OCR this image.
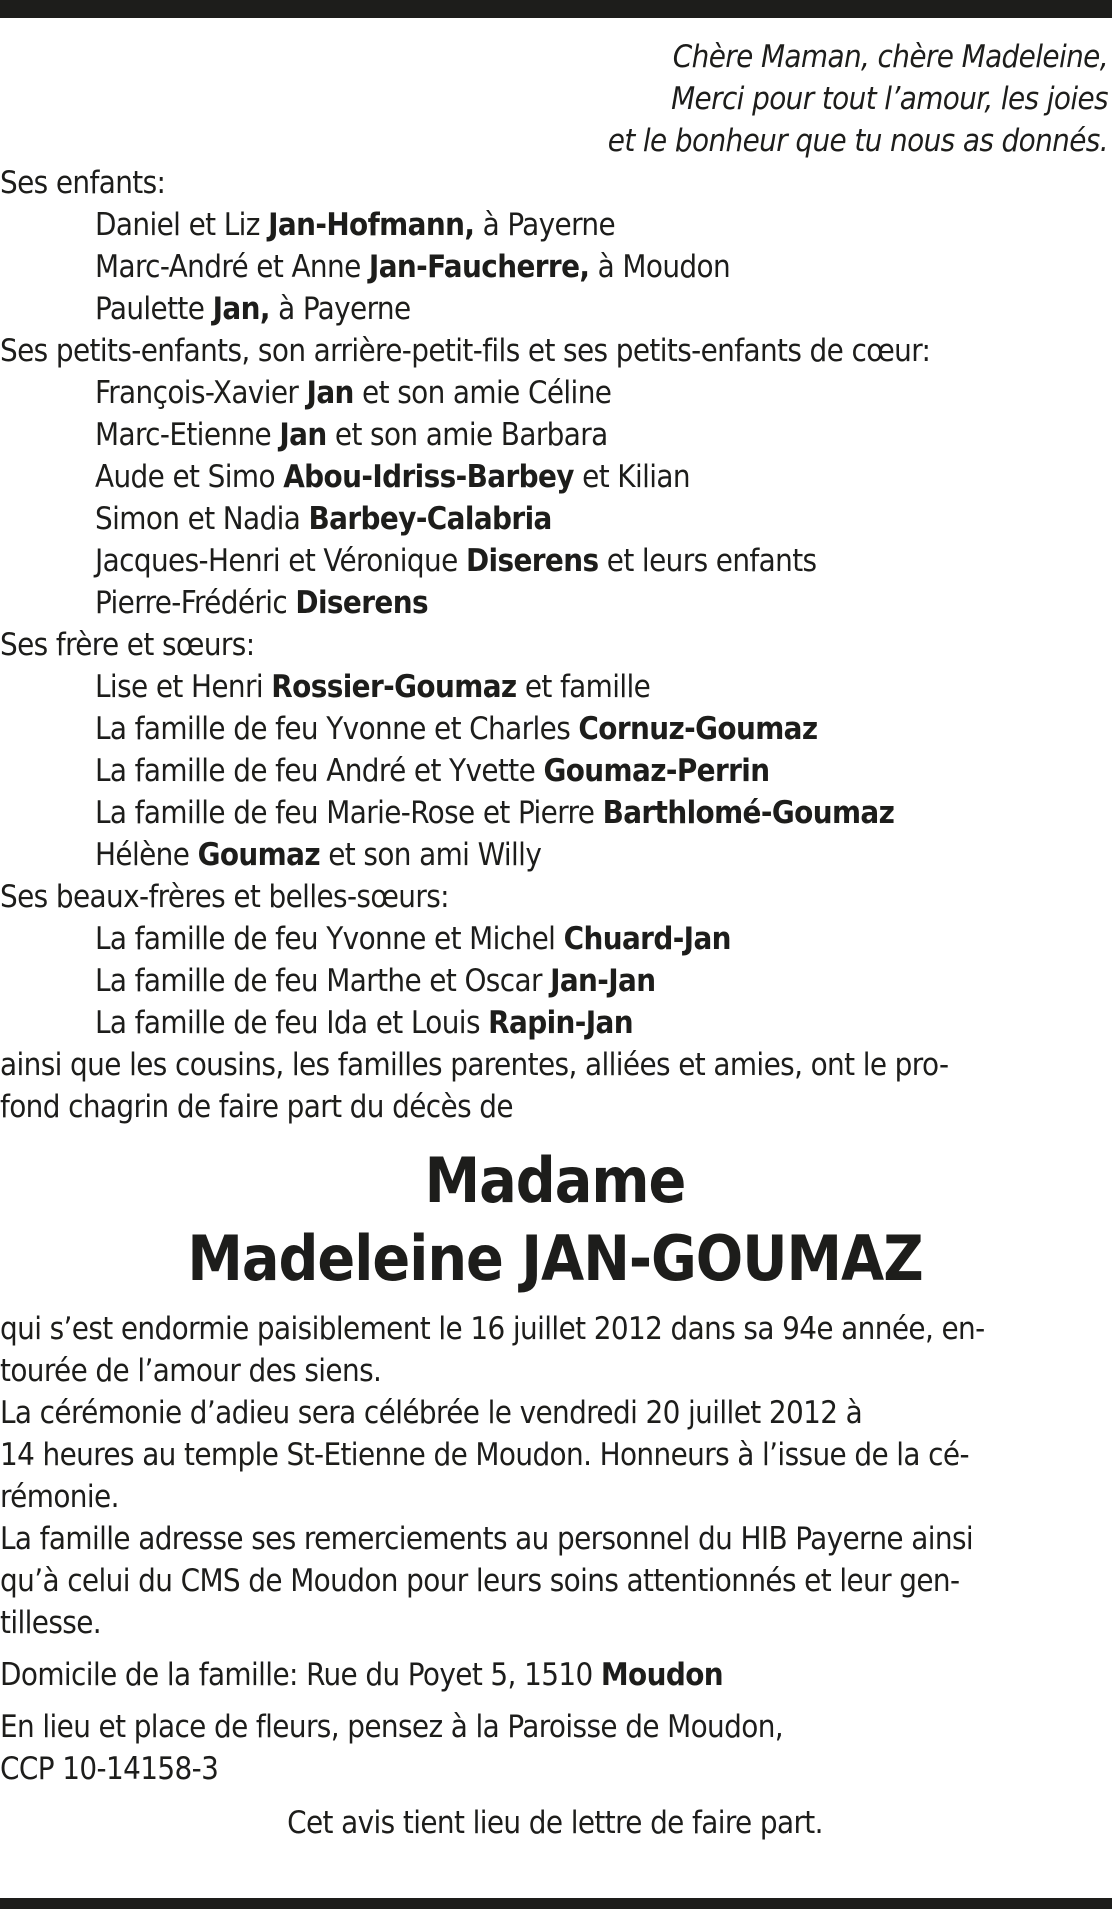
Chère Maman, chère Madeleine,
Merci pour tout l’amour, les joies
et le bonheur que tu nous as donnés.
Ses enfants:
Daniel et Liz Jan-Hofmann, à Payerne
Marc-André et Anne Jan-Faucherre, à Moudon
Paulette Jan, à Payerne
Ses petits-enfants, son arrière-petit-fils et ses petits-enfants de cœur:
François-Xavier Jan et son amie Céline
Marc-Etienne Jan et son amie Barbara
Aude et Simo Abou-Idriss-Barbey et Kilian
Simon et Nadia Barbey-Calabria
Jacques-Henri et Véronique Diserens et leurs enfants
Pierre-Frédéric Diserens
Ses frère et sœurs:
Lise et Henri Rossier-Goumaz et famille
La famille de feu Yvonne et Charles Cornuz-Goumaz
La famille de feu André et Yvette Goumaz-Perrin
La famille de feu Marie-Rose et Pierre Barthlomé-Goumaz
Hélène Goumaz et son ami Willy
Ses beaux-frères et belles-sœurs:
La famille de feu Yvonne et Michel Chuard-Jan
La famille de feu Marthe et Oscar Jan-Jan
La famille de feu Ida et Louis Rapin-Jan
ainsi que les cousins, les familles parentes, alliées et amies, ont le pro-
fond chagrin de faire part du décès de
Madame
Madeleine JAN-GOUMAZ
qui s’est endormie paisiblement le 16 juillet 2012 dans sa 94e année, en-
tourée de l’amour des siens.
La cérémonie d’adieu sera célébrée le vendredi 20 juillet 2012 à
14 heures au temple St-Etienne de Moudon. Honneurs à l’issue de la cé-
rémonie.
La famille adresse ses remerciements au personnel du HIB Payerne ainsi
qu’à celui du CMS de Moudon pour leurs soins attentionnés et leur gen-
tillesse.
Domicile de la famille: Rue du Poyet 5, 1510 Moudon
En lieu et place de fleurs, pensez à la Paroisse de Moudon,
CCP 10-14158-3
Cet avis tient lieu de lettre de faire part.
